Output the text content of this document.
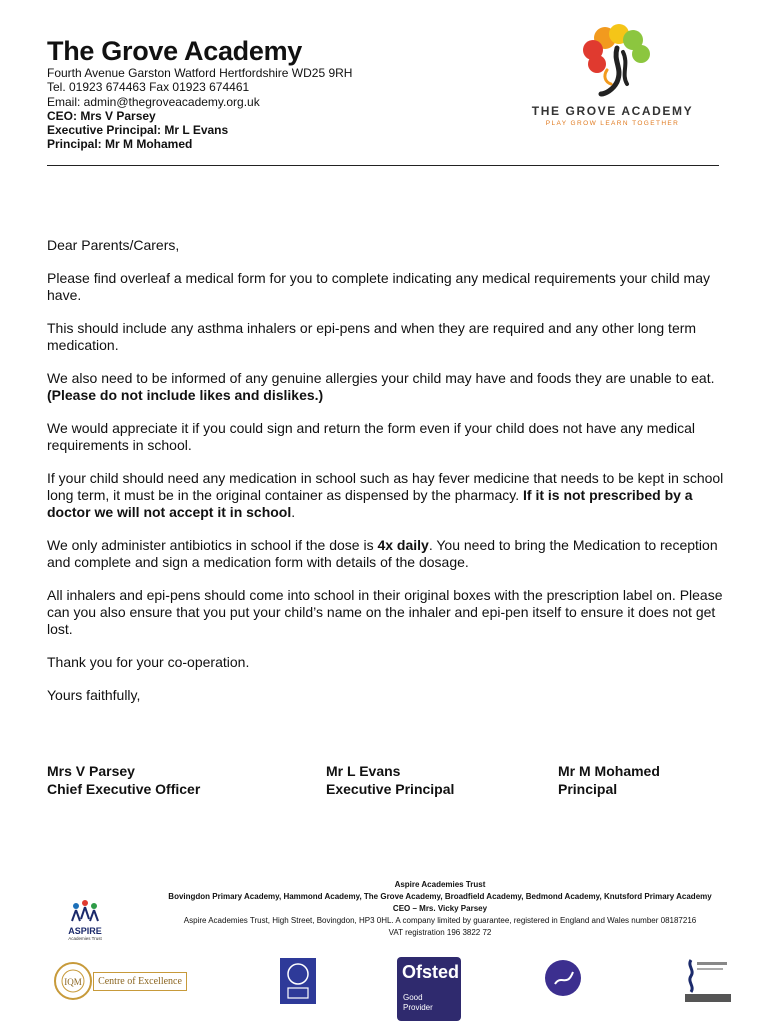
The Grove Academy
Fourth Avenue Garston Watford Hertfordshire WD25 9RH
Tel. 01923 674463 Fax 01923 674461
Email: admin@thegroveacademy.org.uk
CEO: Mrs V Parsey
Executive Principal: Mr L Evans
Principal: Mr M Mohamed
THE GROVE ACADEMY
PLAY GROW LEARN TOGETHER

Dear Parents/Carers,

Please find overleaf a medical form for you to complete indicating any medical requirements your child may have.

This should include any asthma inhalers or epi-pens and when they are required and any other long term medication.

We also need to be informed of any genuine allergies your child may have and foods they are unable to eat. (Please do not include likes and dislikes.)

We would appreciate it if you could sign and return the form even if your child does not have any medical requirements in school.

If your child should need any medication in school such as hay fever medicine that needs to be kept in school long term, it must be in the original container as dispensed by the pharmacy. If it is not prescribed by a doctor we will not accept it in school.

We only administer antibiotics in school if the dose is 4x daily. You need to bring the Medication to reception and complete and sign a medication form with details of the dosage.

All inhalers and epi-pens should come into school in their original boxes with the prescription label on. Please can you also ensure that you put your child’s name on the inhaler and epi-pen itself to ensure it does not get lost.

Thank you for your co-operation.

Yours faithfully,

Mrs V Parsey
Chief Executive Officer
Mr L Evans
Executive Principal
Mr M Mohamed
Principal
ASPIRE
Academies Trust
Aspire Academies Trust
Bovingdon Primary Academy, Hammond Academy, The Grove Academy, Broadfield Academy, Bedmond Academy, Knutsford Primary Academy
CEO – Mrs. Vicky Parsey
Aspire Academies Trust, High Street, Bovingdon, HP3 0HL. A company limited by guarantee, registered in England and Wales number 08187216
VAT registration 196 3822 72
IQM	Centre of Excellence	Ofsted
Good
Provider
